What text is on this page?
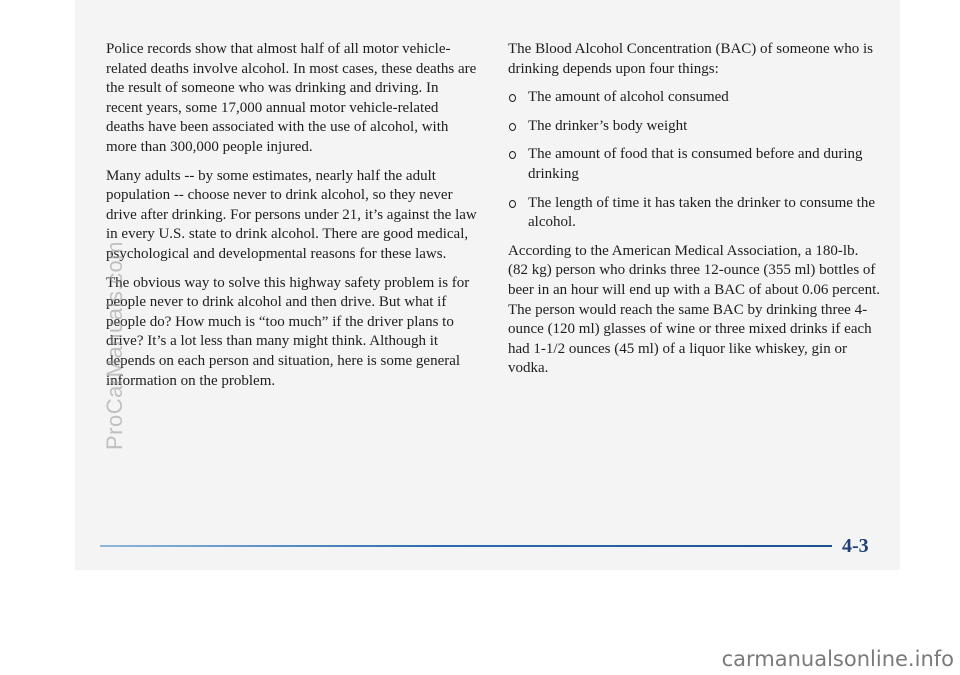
Police records show that almost half of all motor vehicle-related deaths involve alcohol. In most cases, these deaths are the result of someone who was drinking and driving. In recent years, some 17,000 annual motor vehicle-related deaths have been associated with the use of alcohol, with more than 300,000 people injured.

Many adults -- by some estimates, nearly half the adult population -- choose never to drink alcohol, so they never drive after drinking. For persons under 21, it’s against the law in every U.S. state to drink alcohol. There are good medical, psychological and developmental reasons for these laws.

The obvious way to solve this highway safety problem is for people never to drink alcohol and then drive. But what if people do? How much is “too much” if the driver plans to drive? It’s a lot less than many might think. Although it depends on each person and situation, here is some general information on the problem.

The Blood Alcohol Concentration (BAC) of someone who is drinking depends upon four things:

The amount of alcohol consumed
The drinker’s body weight
The amount of food that is consumed before and during drinking
The length of time it has taken the drinker to consume the alcohol.

According to the American Medical Association, a 180-lb. (82 kg) person who drinks three 12-ounce (355 ml) bottles of beer in an hour will end up with a BAC of about 0.06 percent. The person would reach the same BAC by drinking three 4-ounce (120 ml) glasses of wine or three mixed drinks if each had 1-1/2 ounces (45 ml) of a liquor like whiskey, gin or vodka.

4-3
ProCarManuals.com
carmanualsonline.info
